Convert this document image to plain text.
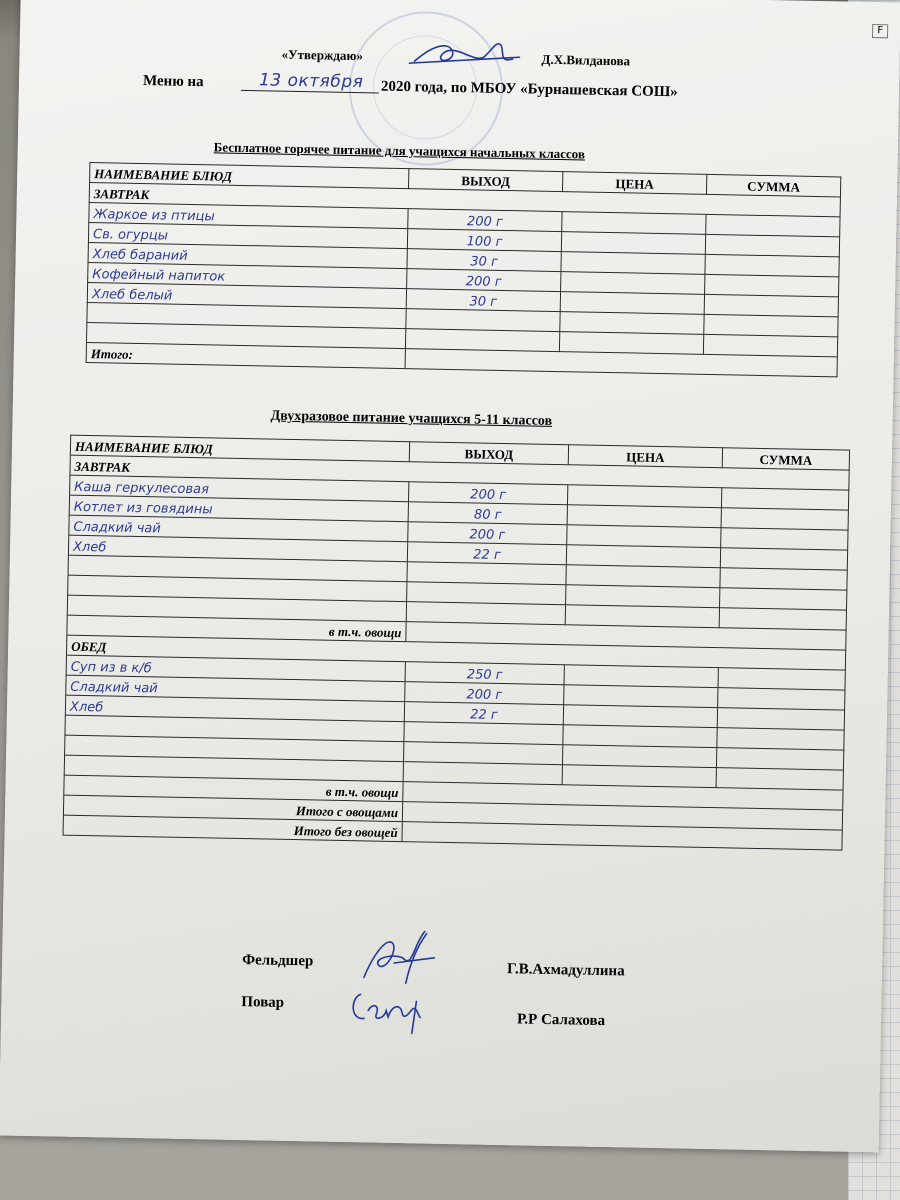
«Утверждаю»	Д.Х.Вилданова
Меню на	13 октября 2020 года, по МБОУ «Бурнашевская СОШ»
Бесплатное горячее питание для учащихся начальных классов
НАИМЕВАНИЕ БЛЮД	ВЫХОД	ЦЕНА	СУММА
ЗАВТРАК			
Жаркое из птицы	200 г		
Св. огурцы	100 г		
Хлеб бараний	30 г		
Кофейный напиток	200 г		
Хлеб белый	30 г		

Итого:			
Двухразовое питание учащихся 5-11 классов
НАИМЕВАНИЕ БЛЮД	ВЫХОД	ЦЕНА	СУММА
ЗАВТРАК			
Каша геркулесовая	200 г		
Котлет из говядины	80 г		
Сладкий чай	200 г		
Хлеб	22 г		

в т.ч. овощи			
ОБЕД			
Суп из в к/б	250 г		
Сладкий чай	200 г		
Хлеб	22 г		

в т.ч. овощи			
Итого с овощами			
Итого без овощей			
Фельдшер
Г.В.Ахмадуллина
Повар
Р.Р Салахова
F
